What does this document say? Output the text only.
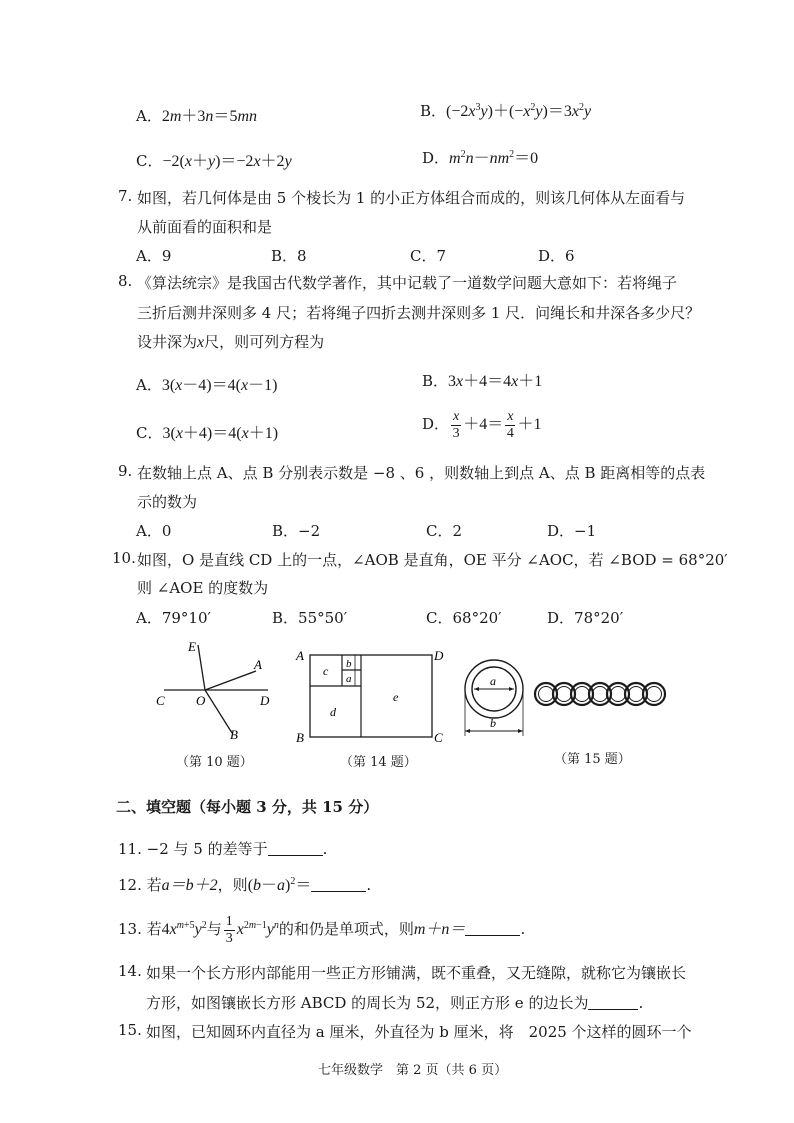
A．2m＋3n＝5mn	B．$(-2x^3y)+(-x^2y)=3x^2y$
C．−2(x＋y)＝−2x＋2y	D．$m^2n-nm^2=0$
7. 如图，若几何体是由 5 个棱长为 1 的小正方体组合而成的，则该几何体从左面看与
从前面看的面积和是
A．9	B．8	C．7	D．6
8. 《算法统宗》是我国古代数学著作，其中记载了一道数学问题大意如下：若将绳子
三折后测井深则多 4 尺；若将绳子四折去测井深则多 1 尺．问绳长和井深各多少尺？
设井深为x尺，则可列方程为
A．3(x－4)＝4(x－1)	B．3x＋4＝4x＋1
C．3(x＋4)＝4(x＋1)
D． $\frac{x}{3} +4= \frac{x}{4} +1$
9. 在数轴上点 A、点 B 分别表示数是 −8 、6 ，则数轴上到点 A、点 B 距离相等的点表
示的数为
A．0	B．−2	C．2	D．−1
10. 如图，O 是直线 CD 上的一点，∠AOB 是直角，OE 平分 ∠AOC，若 ∠BOD = 68°20′
则 ∠AOE 的度数为
A．79°10′	B．55°50′	C．68°20′	D．78°20′
E
A
C O	D
B
（第 10 题）
A	D
B	C
c b
a
d
e
（第 14 题）
a
b
（第 15 题）
二、填空题（每小题 3 分，共 15 分）
11. −2 与 5 的差等于	.
12. 若a＝b＋2，则$(b-a)^2=$	.
13. 若$4x^{m+5}y^2$与 $\frac{1}{3} x^{2m-1}y^n$的和仍是单项式，则m＋n＝	.
14. 如果一个长方形内部能用一些正方形铺满，既不重叠，又无缝隙，就称它为镶嵌长
方形，如图镶嵌长方形 ABCD 的周长为 52，则正方形 e 的边长为	.
15. 如图，已知圆环内直径为 a 厘米，外直径为 b 厘米，将　2025 个这样的圆环一个
七年级数学　第 2 页（共 6 页）
